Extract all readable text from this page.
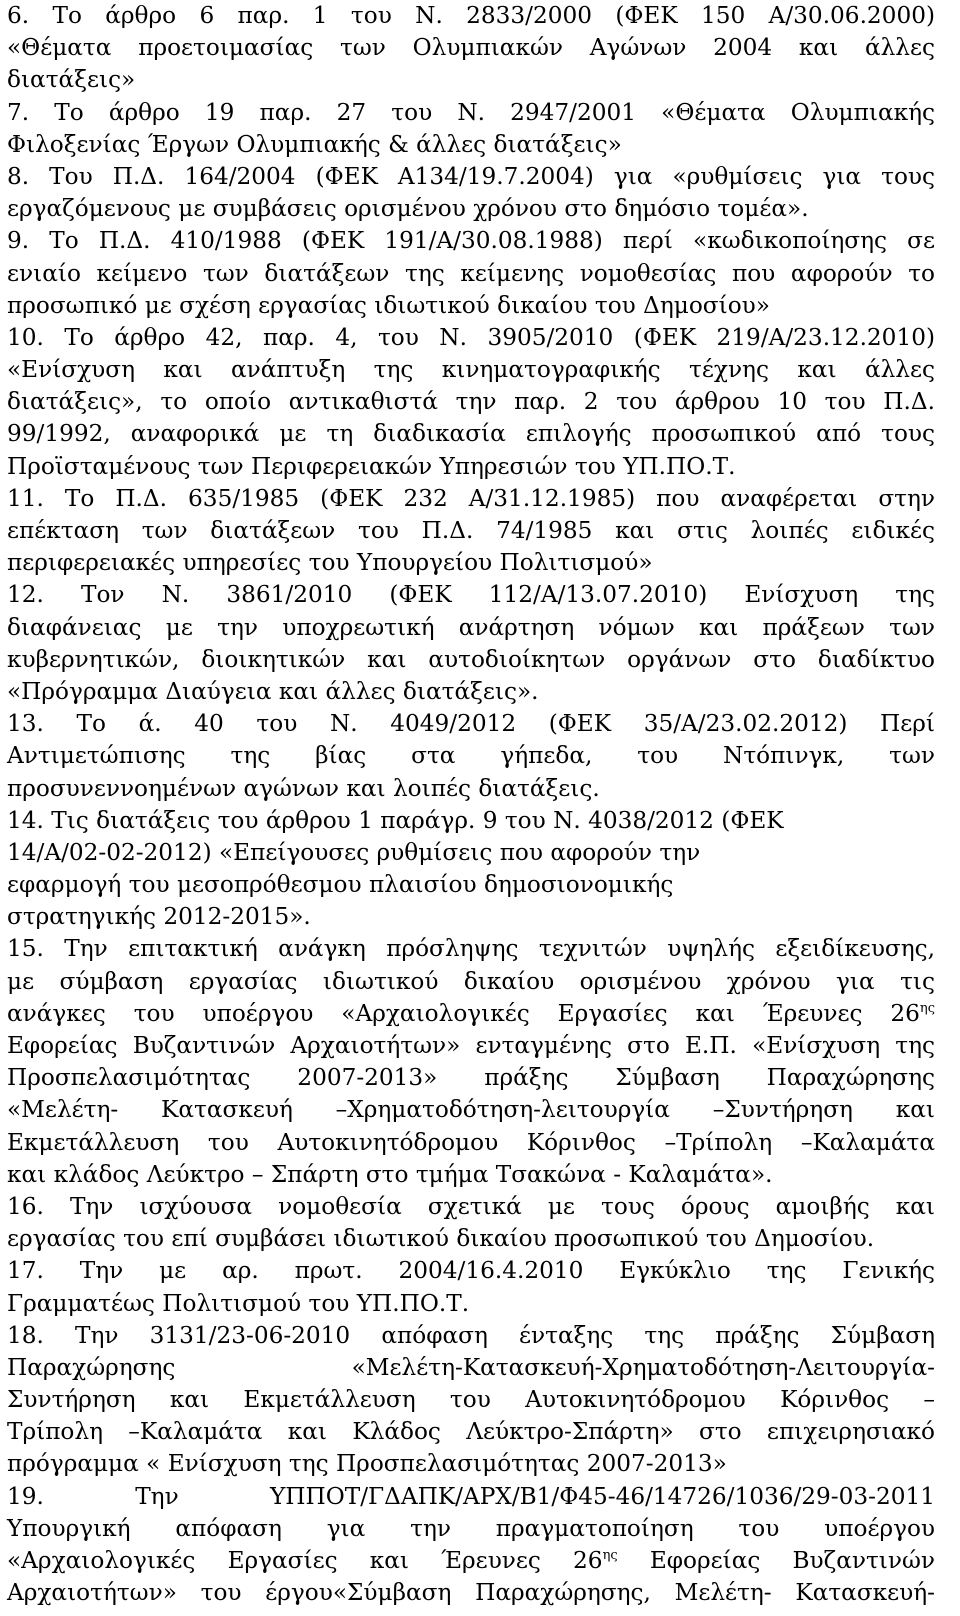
6. Το άρθρο 6 παρ. 1 του Ν. 2833/2000 (ΦΕΚ 150 Α/30.06.2000)
«Θέματα προετοιμασίας των Ολυμπιακών Αγώνων 2004 και άλλες
διατάξεις»
7. Το άρθρο 19 παρ. 27 του Ν. 2947/2001 «Θέματα Ολυμπιακής
Φιλοξενίας Έργων Ολυμπιακής & άλλες διατάξεις»
8. Του Π.Δ. 164/2004 (ΦΕΚ Α134/19.7.2004) για «ρυθμίσεις για τους
εργαζόμενους με συμβάσεις ορισμένου χρόνου στο δημόσιο τομέα».
9. Το Π.Δ. 410/1988 (ΦΕΚ 191/Α/30.08.1988) περί «κωδικοποίησης σε
ενιαίο κείμενο των διατάξεων της κείμενης νομοθεσίας που αφορούν το
προσωπικό με σχέση εργασίας ιδιωτικού δικαίου του Δημοσίου»
10. Το άρθρο 42, παρ. 4, του Ν. 3905/2010 (ΦΕΚ 219/Α/23.12.2010)
«Ενίσχυση και ανάπτυξη της κινηματογραφικής τέχνης και άλλες
διατάξεις», το οποίο αντικαθιστά την παρ. 2 του άρθρου 10 του Π.Δ.
99/1992, αναφορικά με τη διαδικασία επιλογής προσωπικού από τους
Προϊσταμένους των Περιφερειακών Υπηρεσιών του ΥΠ.ΠΟ.Τ.
11. Το Π.Δ. 635/1985 (ΦΕΚ 232 Α/31.12.1985) που αναφέρεται στην
επέκταση των διατάξεων του Π.Δ. 74/1985 και στις λοιπές ειδικές
περιφερειακές υπηρεσίες του Υπουργείου Πολιτισμού»
12. Τον Ν. 3861/2010 (ΦΕΚ 112/Α/13.07.2010) Ενίσχυση της
διαφάνειας με την υποχρεωτική ανάρτηση νόμων και πράξεων των
κυβερνητικών, διοικητικών και αυτοδιοίκητων οργάνων στο διαδίκτυο
«Πρόγραμμα Διαύγεια και άλλες διατάξεις».
13. Το ά. 40 του Ν. 4049/2012 (ΦΕΚ 35/Α/23.02.2012) Περί
Αντιμετώπισης της βίας στα γήπεδα, του Ντόπινγκ, των
προσυνεννοημένων αγώνων και λοιπές διατάξεις.
14. Τις διατάξεις του άρθρου 1 παράγρ. 9 του Ν. 4038/2012 (ΦΕΚ
14/Α/02-02-2012) «Επείγουσες ρυθμίσεις που αφορούν την
εφαρμογή του μεσοπρόθεσμου πλαισίου δημοσιονομικής
στρατηγικής 2012-2015».
15. Την επιτακτική ανάγκη πρόσληψης τεχνιτών υψηλής εξειδίκευσης,
με σύμβαση εργασίας ιδιωτικού δικαίου ορισμένου χρόνου για τις
ανάγκες του υποέργου «Αρχαιολογικές Εργασίες και Έρευνες $26^{\eta\varsigma}$
Εφορείας Βυζαντινών Αρχαιοτήτων» ενταγμένης στο Ε.Π. «Ενίσχυση της
Προσπελασιμότητας 2007-2013» πράξης Σύμβαση Παραχώρησης
«Μελέτη- Κατασκευή –Χρηματοδότηση-λειτουργία –Συντήρηση και
Εκμετάλλευση του Αυτοκινητόδρομου Κόρινθος –Τρίπολη –Καλαμάτα
και κλάδος Λεύκτρο – Σπάρτη στο τμήμα Τσακώνα - Καλαμάτα».
16. Την ισχύουσα νομοθεσία σχετικά με τους όρους αμοιβής και
εργασίας του επί συμβάσει ιδιωτικού δικαίου προσωπικού του Δημοσίου.
17. Την με αρ. πρωτ. 2004/16.4.2010 Εγκύκλιο της Γενικής
Γραμματέως Πολιτισμού του ΥΠ.ΠΟ.Τ.
18. Την 3131/23-06-2010 απόφαση ένταξης της πράξης Σύμβαση
Παραχώρησης «Μελέτη-Κατασκευή-Χρηματοδότηση-Λειτουργία-
Συντήρηση και Εκμετάλλευση του Αυτοκινητόδρομου Κόρινθος –
Τρίπολη –Καλαμάτα και Κλάδος Λεύκτρο-Σπάρτη» στο επιχειρησιακό
πρόγραμμα « Ενίσχυση της Προσπελασιμότητας 2007-2013»
19. Την ΥΠΠΟΤ/ΓΔΑΠΚ/ΑΡΧ/Β1/Φ45-46/14726/1036/29-03-2011
Υπουργική απόφαση για την πραγματοποίηση του υποέργου
«Αρχαιολογικές Εργασίες και Έρευνες $26^{\eta\varsigma}$ Εφορείας Βυζαντινών
Αρχαιοτήτων» του έργου«Σύμβαση Παραχώρησης, Μελέτη- Κατασκευή-
